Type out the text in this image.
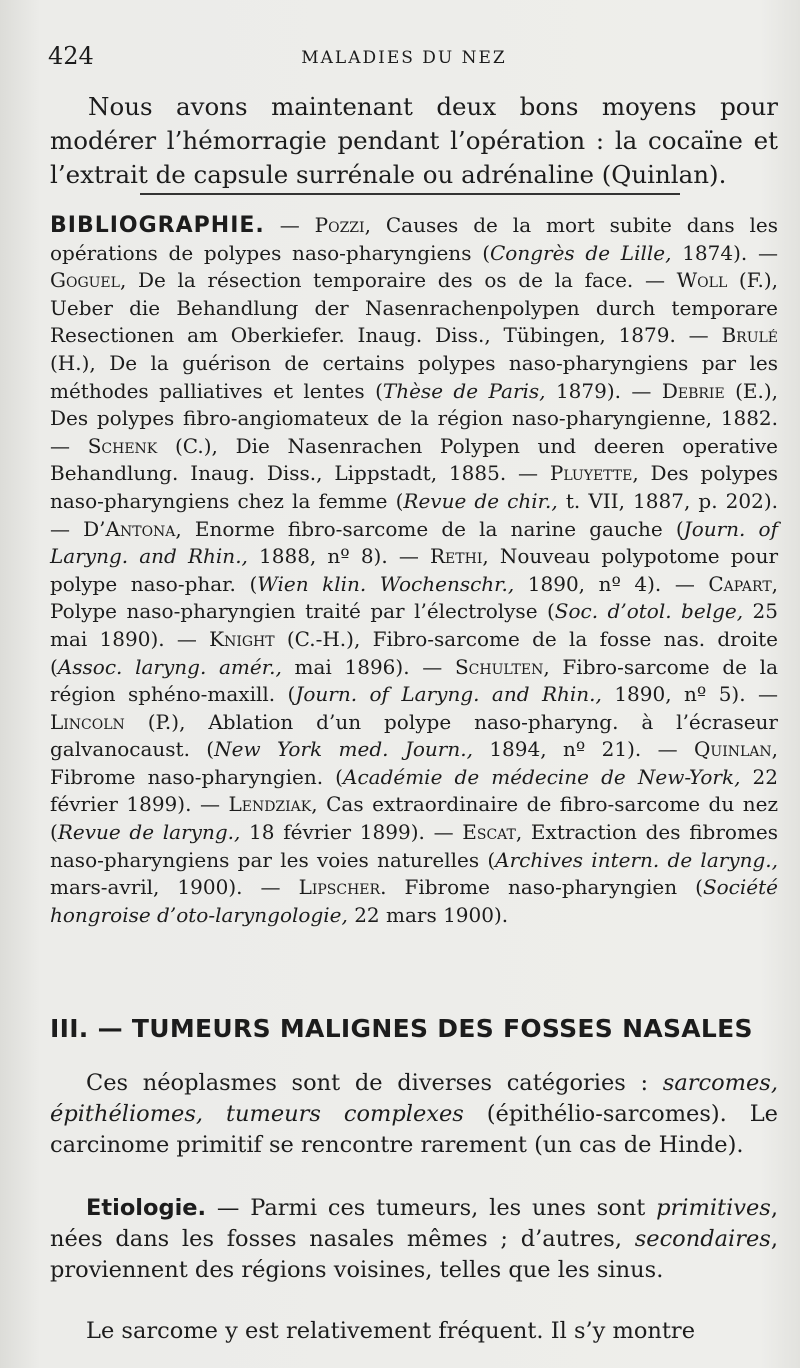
424	MALADIES DU NEZ

Nous avons maintenant deux bons moyens pour modérer l’hémorragie pendant l’opération : la cocaïne et l’extrait de capsule surrénale ou adrénaline (Quinlan).

BIBLIOGRAPHIE. — Pozzi, Causes de la mort subite dans les opérations de polypes naso-pharyngiens (Congrès de Lille, 1874). — Goguel, De la résection temporaire des os de la face. — Woll (F.), Ueber die Behandlung der Nasenrachenpolypen durch temporare Resectionen am Oberkiefer. Inaug. Diss., Tübingen, 1879. — Brulé (H.), De la guérison de certains polypes naso-pharyngiens par les méthodes palliatives et lentes (Thèse de Paris, 1879). — Debrie (E.), Des polypes fibro-angiomateux de la région naso-pharyngienne, 1882. — Schenk (C.), Die Nasenrachen Polypen und deeren operative Behandlung. Inaug. Diss., Lippstadt, 1885. — Pluyette, Des polypes naso-pharyngiens chez la femme (Revue de chir., t. VII, 1887, p. 202). — D’Antona, Enorme fibro-sarcome de la narine gauche (Journ. of Laryng. and Rhin., 1888, nº 8). — Rethi, Nouveau polypotome pour polype naso-phar. (Wien klin. Wochenschr., 1890, nº 4). — Capart, Polype naso-pharyngien traité par l’électrolyse (Soc. d’otol. belge, 25 mai 1890). — Knight (C.-H.), Fibro-sarcome de la fosse nas. droite (Assoc. laryng. amér., mai 1896). — Schulten, Fibro-sarcome de la région sphéno-maxill. (Journ. of Laryng. and Rhin., 1890, nº 5). — Lincoln (P.), Ablation d’un polype naso-pharyng. à l’écraseur galvanocaust. (New York med. Journ., 1894, nº 21). — Quinlan, Fibrome naso-pharyngien. (Académie de médecine de New-York, 22 février 1899). — Lendziak, Cas extraordinaire de fibro-sarcome du nez (Revue de laryng., 18 février 1899). — Escat, Extraction des fibromes naso-pharyngiens par les voies naturelles (Archives intern. de laryng., mars-avril, 1900). — Lipscher. Fibrome naso-pharyngien (Société hongroise d’oto-laryngologie, 22 mars 1900).
III. — TUMEURS MALIGNES DES FOSSES NASALES

Ces néoplasmes sont de diverses catégories : sarcomes, épithéliomes, tumeurs complexes (épithélio-sarcomes). Le carcinome primitif se rencontre rarement (un cas de Hinde).

Etiologie. — Parmi ces tumeurs, les unes sont primitives, nées dans les fosses nasales mêmes ; d’autres, secondaires, proviennent des régions voisines, telles que les sinus.

Le sarcome y est relativement fréquent. Il s’y montre
